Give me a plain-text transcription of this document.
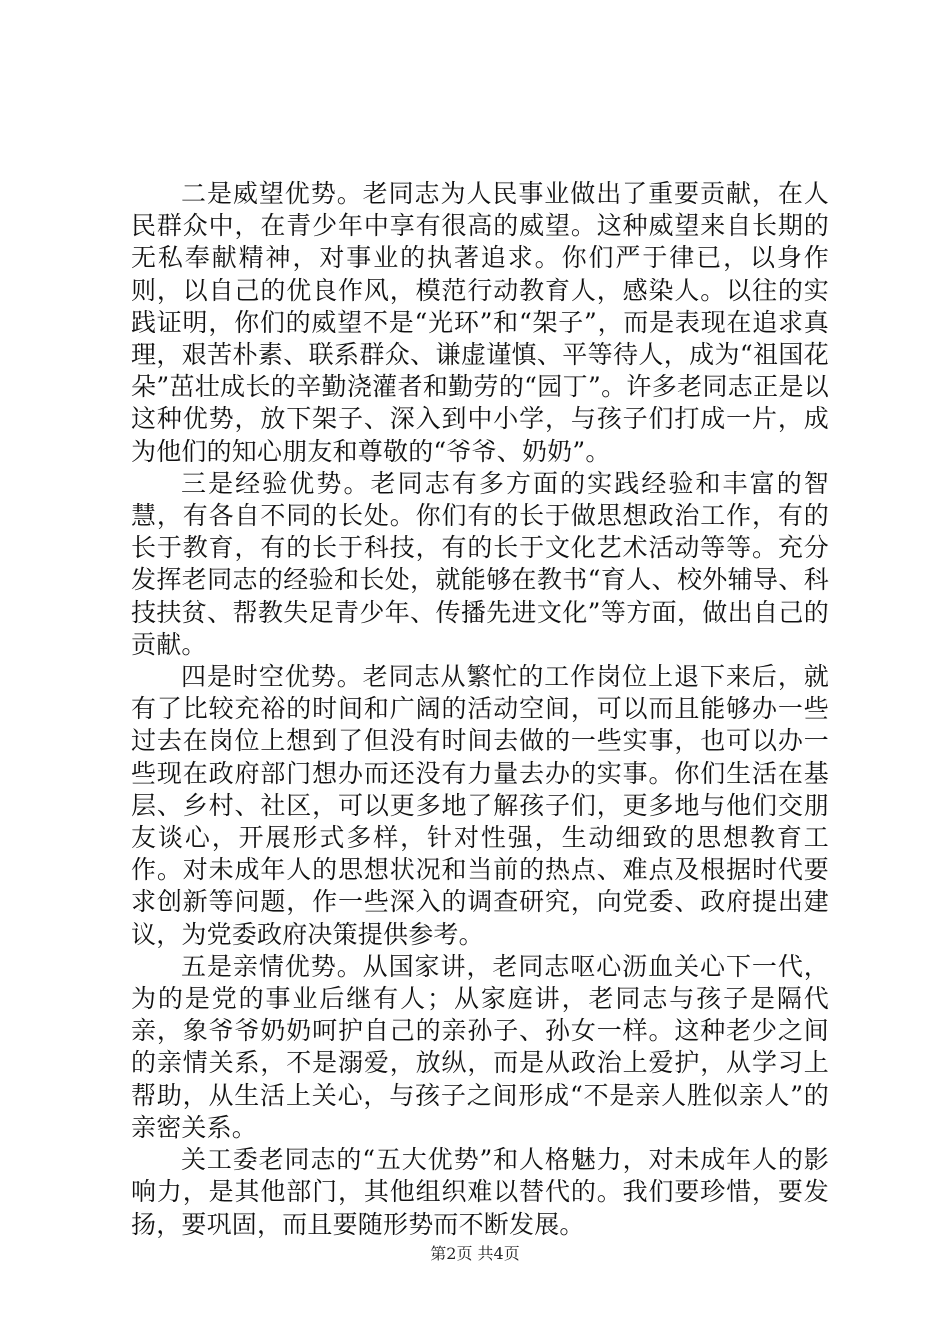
二是威望优势。老同志为人民事业做出了重要贡献，在人民群众中，在青少年中享有很高的威望。这种威望来自长期的无私奉献精神，对事业的执著追求。你们严于律已，以身作则，以自己的优良作风，模范行动教育人，感染人。以往的实践证明，你们的威望不是“光环”和“架子”，而是表现在追求真理，艰苦朴素、联系群众、谦虚谨慎、平等待人，成为“祖国花朵”茁壮成长的辛勤浇灌者和勤劳的“园丁”。许多老同志正是以这种优势，放下架子、深入到中小学，与孩子们打成一片，成为他们的知心朋友和尊敬的“爷爷、奶奶”。

三是经验优势。老同志有多方面的实践经验和丰富的智慧，有各自不同的长处。你们有的长于做思想政治工作，有的长于教育，有的长于科技，有的长于文化艺术活动等等。充分发挥老同志的经验和长处，就能够在教书“育人、校外辅导、科技扶贫、帮教失足青少年、传播先进文化”等方面，做出自己的贡献。

四是时空优势。老同志从繁忙的工作岗位上退下来后，就有了比较充裕的时间和广阔的活动空间，可以而且能够办一些过去在岗位上想到了但没有时间去做的一些实事，也可以办一些现在政府部门想办而还没有力量去办的实事。你们生活在基层、乡村、社区，可以更多地了解孩子们，更多地与他们交朋友谈心，开展形式多样，针对性强，生动细致的思想教育工作。对未成年人的思想状况和当前的热点、难点及根据时代要求创新等问题，作一些深入的调查研究，向党委、政府提出建议，为党委政府决策提供参考。

五是亲情优势。从国家讲，老同志呕心沥血关心下一代，为的是党的事业后继有人；从家庭讲，老同志与孩子是隔代亲，象爷爷奶奶呵护自己的亲孙子、孙女一样。这种老少之间的亲情关系，不是溺爱，放纵，而是从政治上爱护，从学习上帮助，从生活上关心，与孩子之间形成“不是亲人胜似亲人”的亲密关系。

关工委老同志的“五大优势”和人格魅力，对未成年人的影响力，是其他部门，其他组织难以替代的。我们要珍惜，要发扬，要巩固，而且要随形势而不断发展。

第2页 共4页
